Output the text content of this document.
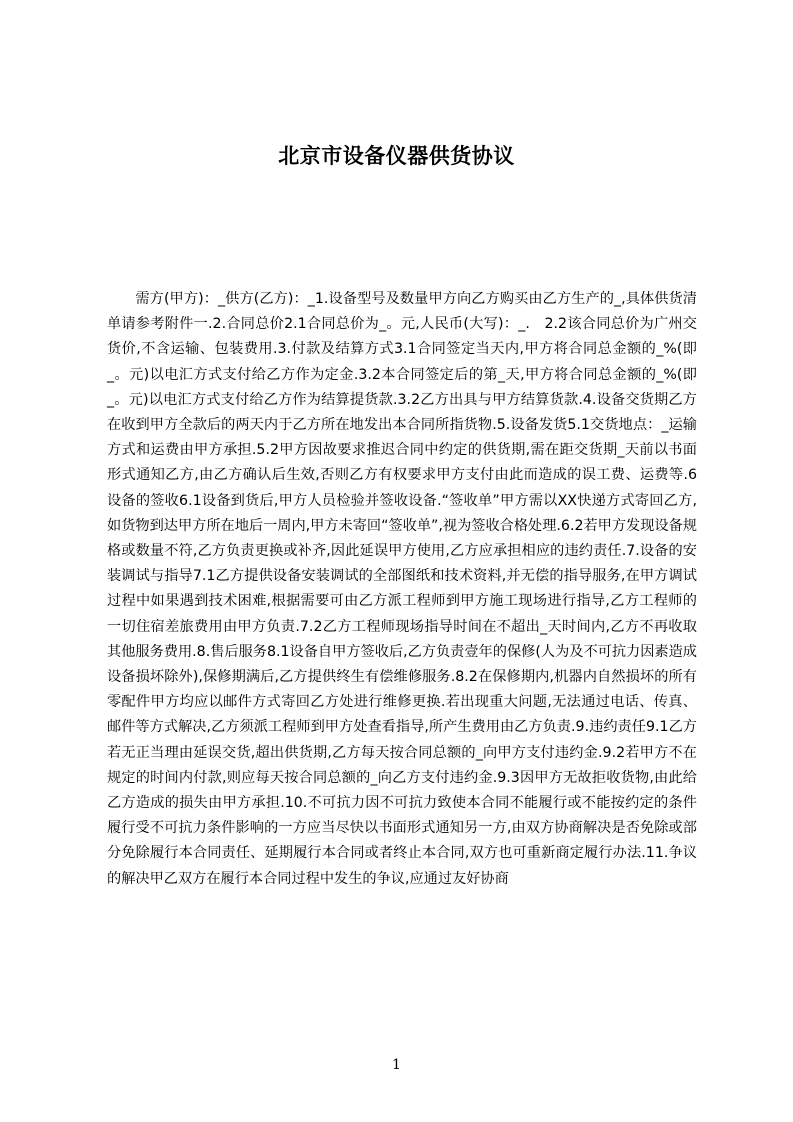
北京市设备仪器供货协议

需方(甲方)：_供方(乙方)：_1.设备型号及数量甲方向乙方购买由乙方生产的_,具体供货清单请参考附件一.2.合同总价2.1合同总价为_。元,人民币(大写)：_.　2.2该合同总价为广州交货价,不含运输、包装费用.3.付款及结算方式3.1合同签定当天内,甲方将合同总金额的_%(即_。元)以电汇方式支付给乙方作为定金.3.2本合同签定后的第_天,甲方将合同总金额的_%(即_。元)以电汇方式支付给乙方作为结算提货款.3.2乙方出具与甲方结算货款.4.设备交货期乙方在收到甲方全款后的两天内于乙方所在地发出本合同所指货物.5.设备发货5.1交货地点：_运输方式和运费由甲方承担.5.2甲方因故要求推迟合同中约定的供货期,需在距交货期_天前以书面形式通知乙方,由乙方确认后生效,否则乙方有权要求甲方支付由此而造成的误工费、运费等.6设备的签收6.1设备到货后,甲方人员检验并签收设备.“签收单”甲方需以XX快递方式寄回乙方,如货物到达甲方所在地后一周内,甲方未寄回“签收单”,视为签收合格处理.6.2若甲方发现设备规格或数量不符,乙方负责更换或补齐,因此延误甲方使用,乙方应承担相应的违约责任.7.设备的安装调试与指导7.1乙方提供设备安装调试的全部图纸和技术资料,并无偿的指导服务,在甲方调试过程中如果遇到技术困难,根据需要可由乙方派工程师到甲方施工现场进行指导,乙方工程师的一切住宿差旅费用由甲方负责.7.2乙方工程师现场指导时间在不超出_天时间内,乙方不再收取其他服务费用.8.售后服务8.1设备自甲方签收后,乙方负责壹年的保修(人为及不可抗力因素造成设备损坏除外),保修期满后,乙方提供终生有偿维修服务.8.2在保修期内,机器内自然损坏的所有零配件甲方均应以邮件方式寄回乙方处进行维修更换.若出现重大问题,无法通过电话、传真、邮件等方式解决,乙方须派工程师到甲方处查看指导,所产生费用由乙方负责.9.违约责任9.1乙方若无正当理由延误交货,超出供货期,乙方每天按合同总额的_向甲方支付违约金.9.2若甲方不在规定的时间内付款,则应每天按合同总额的_向乙方支付违约金.9.3因甲方无故拒收货物,由此给乙方造成的损失由甲方承担.10.不可抗力因不可抗力致使本合同不能履行或不能按约定的条件履行受不可抗力条件影响的一方应当尽快以书面形式通知另一方,由双方协商解决是否免除或部分免除履行本合同责任、延期履行本合同或者终止本合同,双方也可重新商定履行办法.11.争议的解决甲乙双方在履行本合同过程中发生的争议,应通过友好协商

1
